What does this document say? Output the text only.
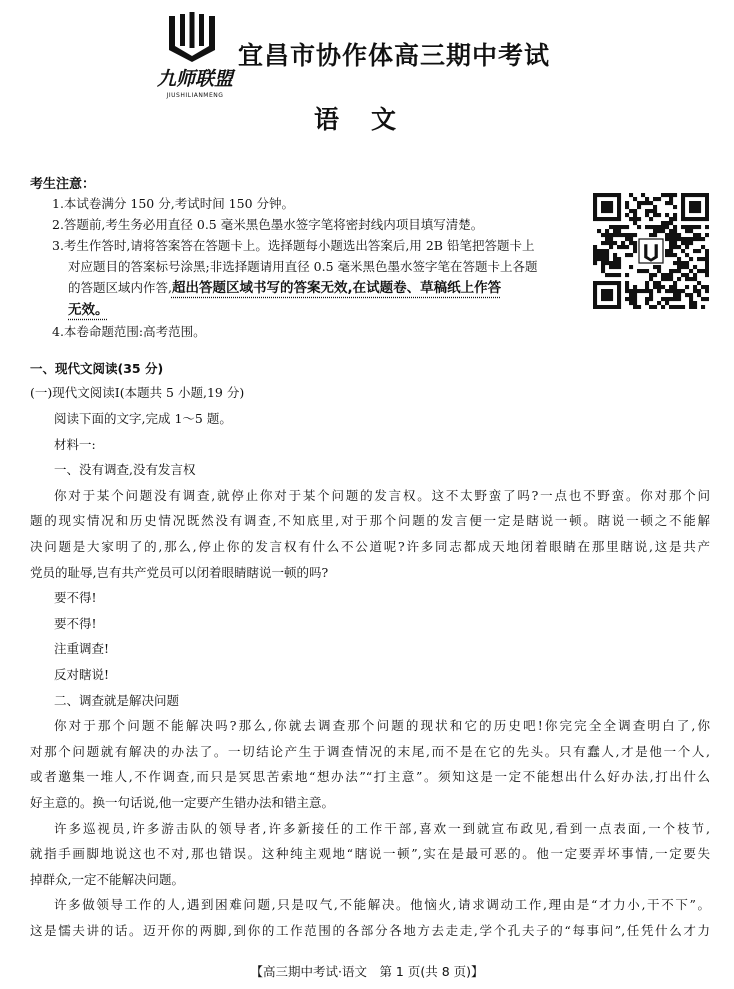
九师联盟
JIUSHILIANMENG
宜昌市协作体高三期中考试
语文
考生注意：
1.本试卷满分 150 分,考试时间 150 分钟。
2.答题前,考生务必用直径 0.5 毫米黑色墨水签字笔将密封线内项目填写清楚。
3.考生作答时,请将答案答在答题卡上。选择题每小题选出答案后,用 2B 铅笔把答题卡上
对应题目的答案标号涂黑;非选择题请用直径 0.5 毫米黑色墨水签字笔在答题卡上各题
的答题区域内作答,超出答题区域书写的答案无效,在试题卷、草稿纸上作答
无效。
4.本卷命题范围:高考范围。
一、现代文阅读(35 分)
(一)现代文阅读Ⅰ(本题共 5 小题,19 分)
阅读下面的文字,完成 1～5 题。
材料一:
一、没有调查,没有发言权
你对于某个问题没有调查,就停止你对于某个问题的发言权。这不太野蛮了吗?一点也不野蛮。你对那个问
题的现实情况和历史情况既然没有调查,不知底里,对于那个问题的发言便一定是瞎说一顿。瞎说一顿之不能解
决问题是大家明了的,那么,停止你的发言权有什么不公道呢?许多同志都成天地闭着眼睛在那里瞎说,这是共产
党员的耻辱,岂有共产党员可以闭着眼睛瞎说一顿的吗?
要不得!
要不得!
注重调查!
反对瞎说!
二、调查就是解决问题
你对于那个问题不能解决吗?那么,你就去调查那个问题的现状和它的历史吧!你完完全全调查明白了,你
对那个问题就有解决的办法了。一切结论产生于调查情况的末尾,而不是在它的先头。只有蠢人,才是他一个人,
或者邀集一堆人,不作调查,而只是冥思苦索地“想办法”“打主意”。须知这是一定不能想出什么好办法,打出什么
好主意的。换一句话说,他一定要产生错办法和错主意。
许多巡视员,许多游击队的领导者,许多新接任的工作干部,喜欢一到就宣布政见,看到一点表面,一个枝节,
就指手画脚地说这也不对,那也错误。这种纯主观地“瞎说一顿”,实在是最可恶的。他一定要弄坏事情,一定要失
掉群众,一定不能解决问题。
许多做领导工作的人,遇到困难问题,只是叹气,不能解决。他恼火,请求调动工作,理由是“才力小,干不下”。
这是懦夫讲的话。迈开你的两脚,到你的工作范围的各部分各地方去走走,学个孔夫子的“每事问”,任凭什么才力
【高三期中考试·语文　第 1 页(共 8 页)】
